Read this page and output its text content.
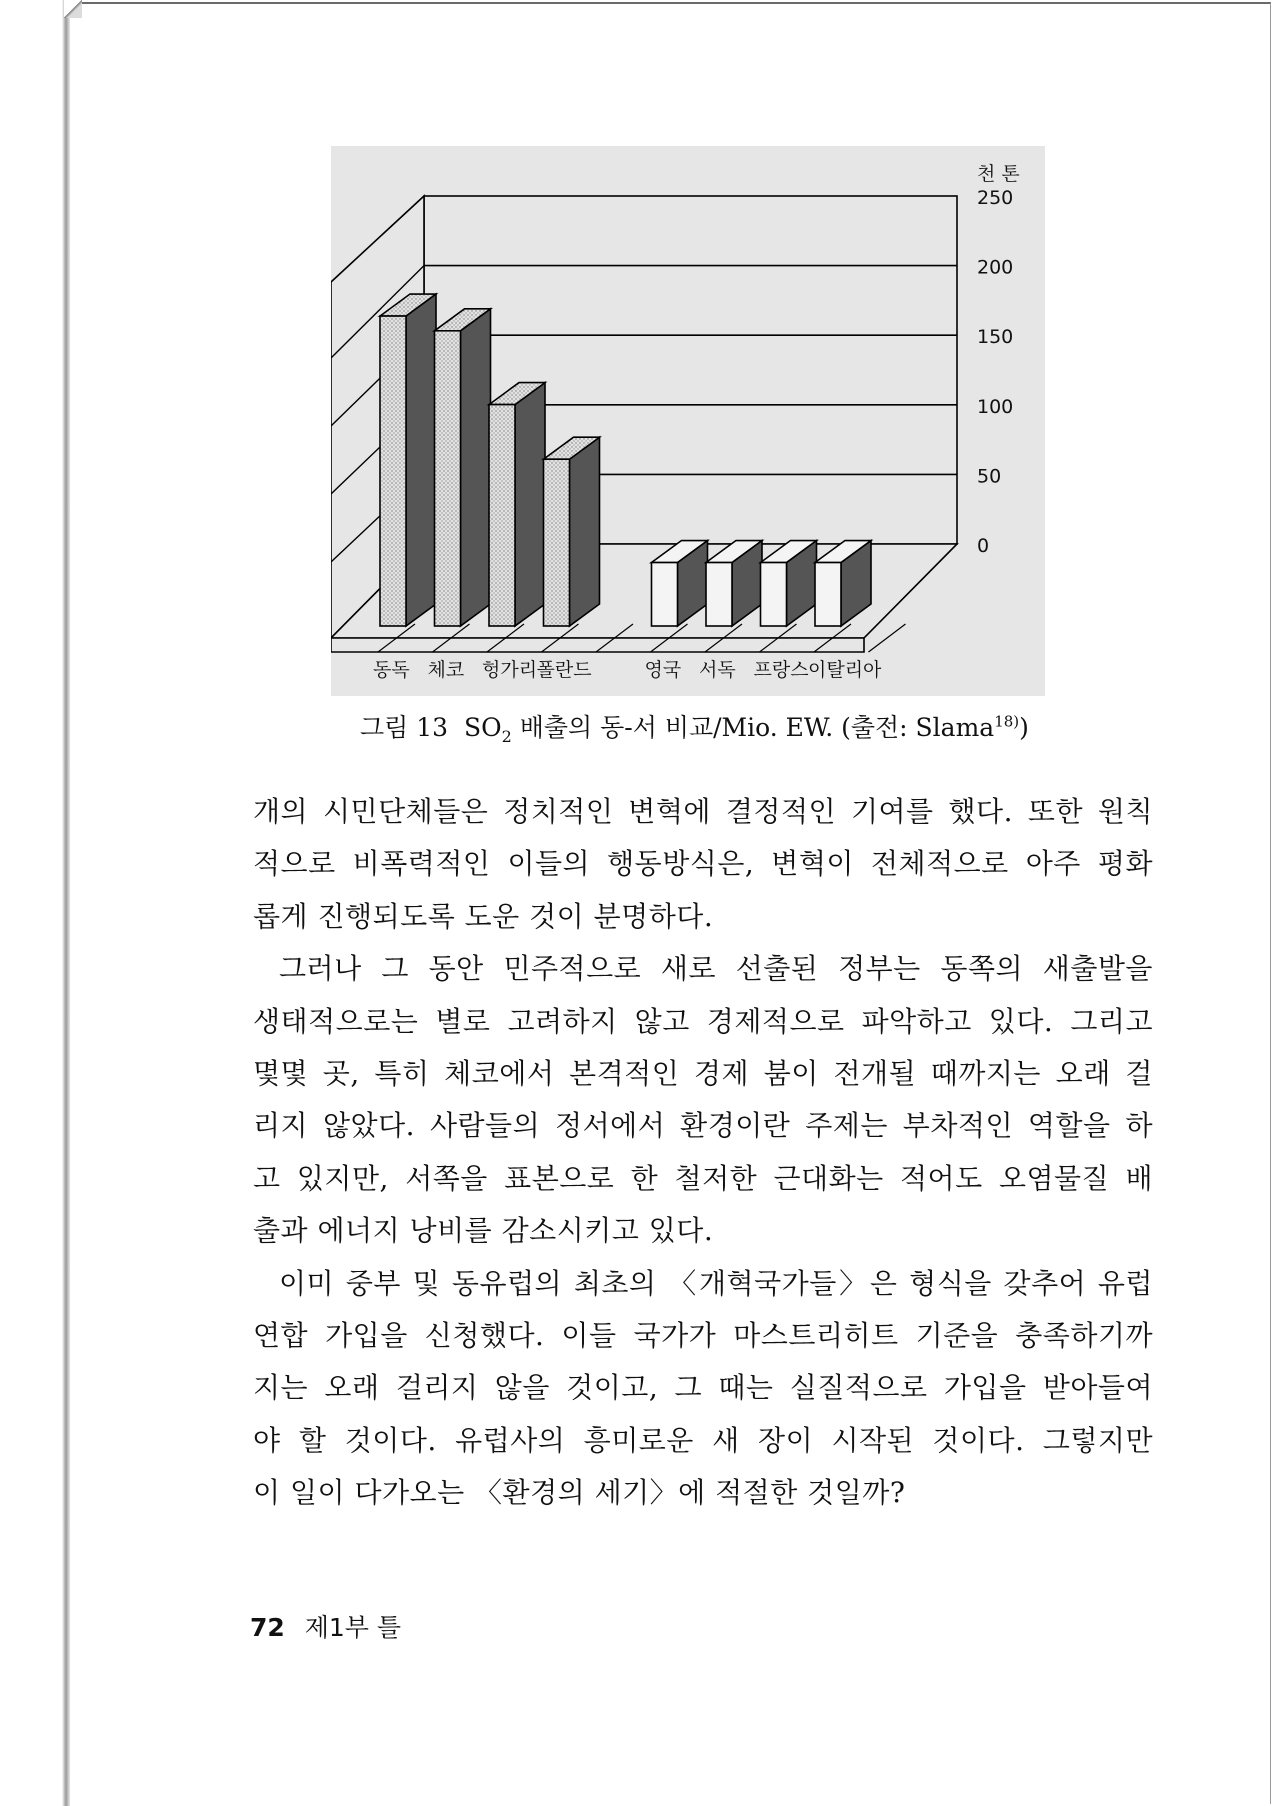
0
50
100
150
200
250
천 톤
동독 체코 헝가리 폴란드	영국 서독 프랑스 이탈리아
그림 13 $SO_2$ 배출의 동-서 비교/Mio. EW. (출전: Slama$^{18)}$)
개의 시민단체들은 정치적인 변혁에 결정적인 기여를 했다. 또한 원칙
적으로 비폭력적인 이들의 행동방식은, 변혁이 전체적으로 아주 평화
롭게 진행되도록 도운 것이 분명하다.
그러나 그 동안 민주적으로 새로 선출된 정부는 동쪽의 새출발을
생태적으로는 별로 고려하지 않고 경제적으로 파악하고 있다. 그리고
몇몇 곳, 특히 체코에서 본격적인 경제 붐이 전개될 때까지는 오래 걸
리지 않았다. 사람들의 정서에서 환경이란 주제는 부차적인 역할을 하
고 있지만, 서쪽을 표본으로 한 철저한 근대화는 적어도 오염물질 배
출과 에너지 낭비를 감소시키고 있다.
이미 중부 및 동유럽의 최초의 〈개혁국가들〉은 형식을 갖추어 유럽
연합 가입을 신청했다. 이들 국가가 마스트리히트 기준을 충족하기까
지는 오래 걸리지 않을 것이고, 그 때는 실질적으로 가입을 받아들여
야 할 것이다. 유럽사의 흥미로운 새 장이 시작된 것이다. 그렇지만
이 일이 다가오는 〈환경의 세기〉에 적절한 것일까?
72 제1부 틀
